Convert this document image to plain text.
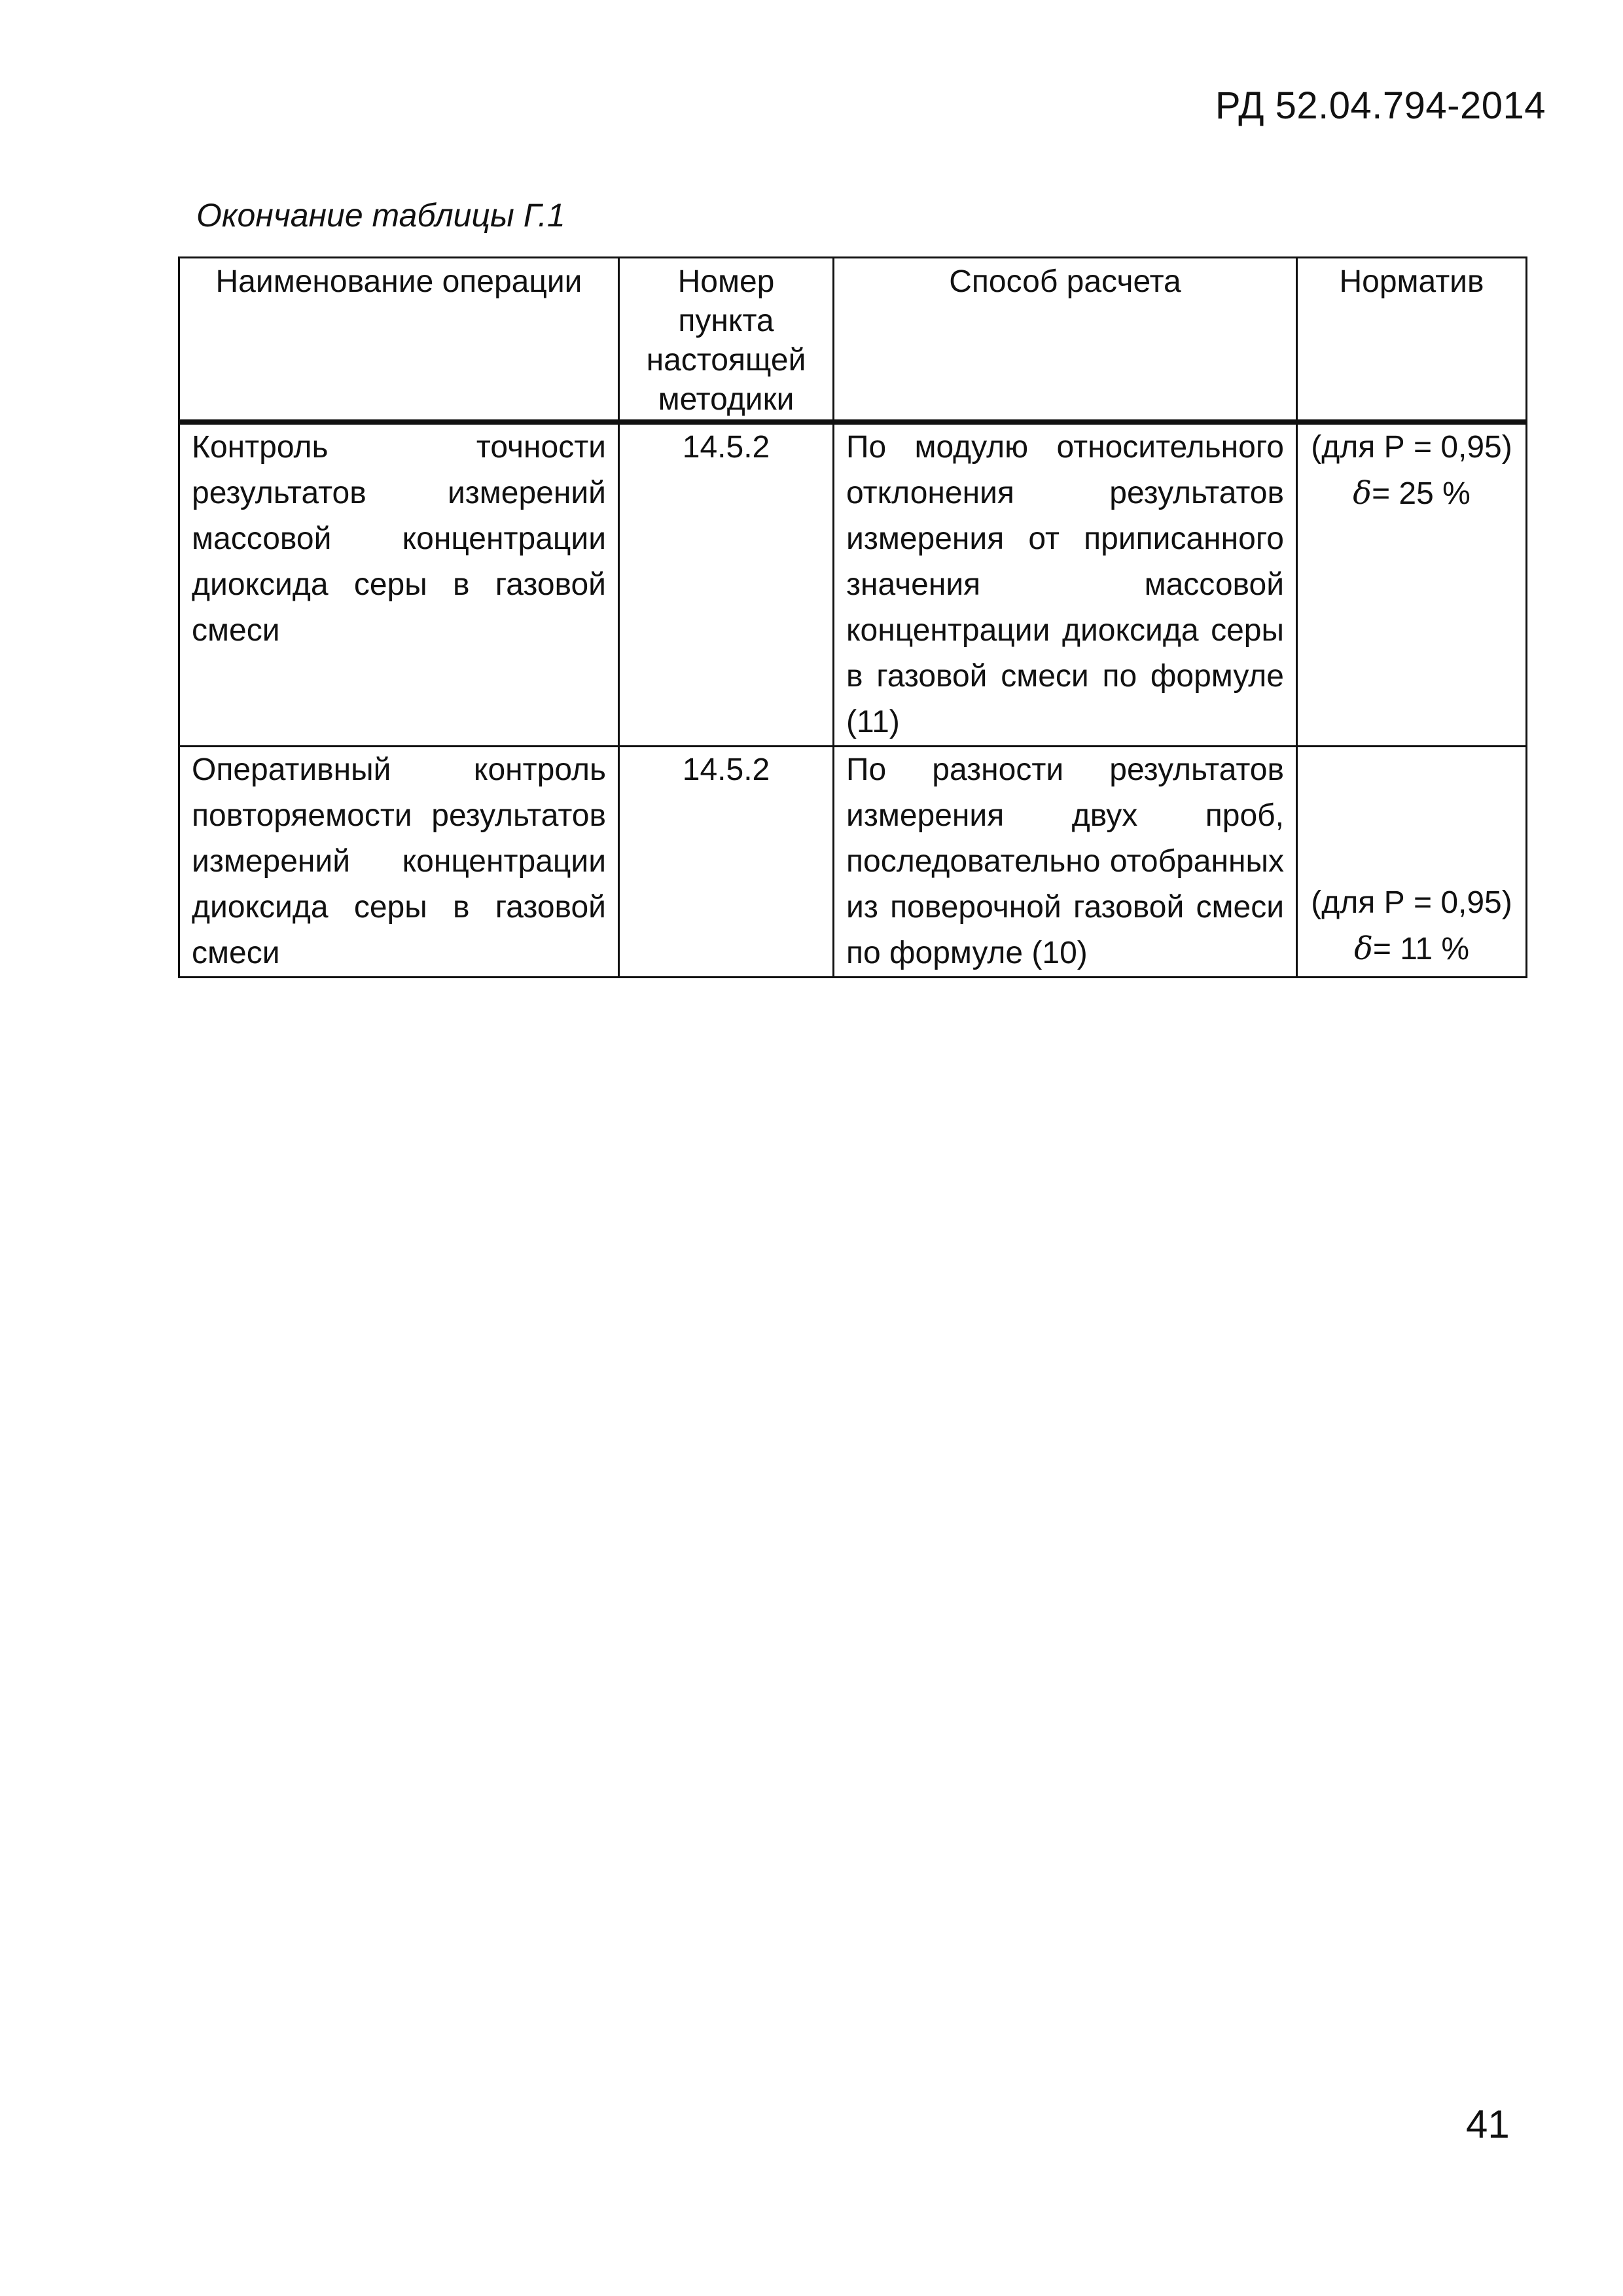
РД 52.04.794-2014
Окончание таблицы Г.1
Наименование операции	Номер пункта настоящей методики	Способ расчета	Норматив
Контроль точности результатов измерений массовой концентрации диоксида серы в газовой смеси	14.5.2	По модулю относительного отклонения результатов измерения от приписанного значения массовой концентрации диоксида серы в газовой смеси по формуле (11)	(для Р = 0,95)
δ= 25 %

Оперативный контроль повторяемости результатов измерений концентрации диоксида серы в газовой смеси	14.5.2	По разности результатов измерения двух проб, последовательно отобранных из поверочной газовой смеси по формуле (10)	(для Р = 0,95)
δ= 11 %
41
